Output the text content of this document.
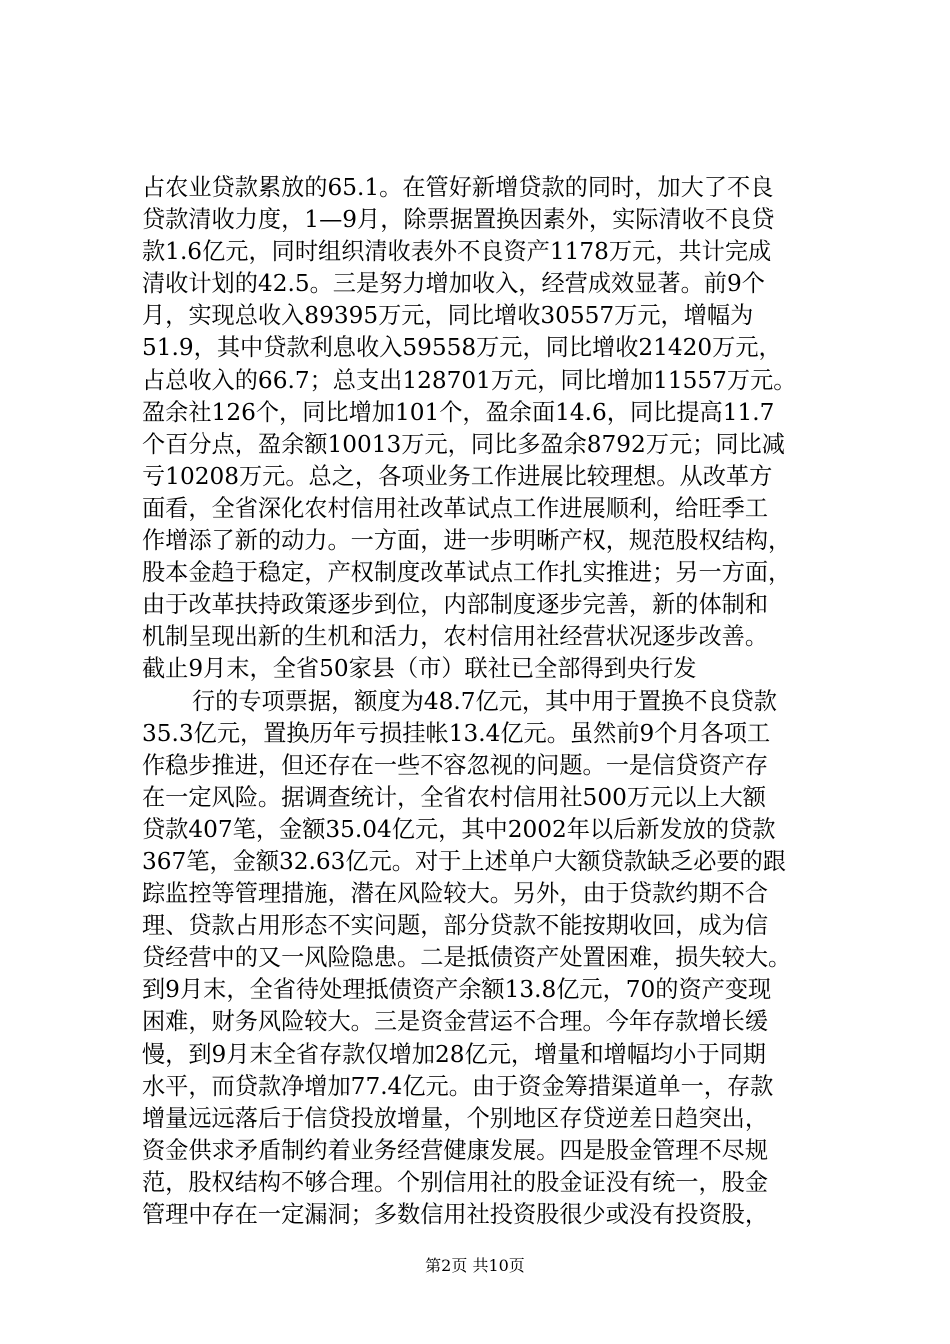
占农业贷款累放的65.1。在管好新增贷款的同时，加大了不良
贷款清收力度，1—9月，除票据置换因素外，实际清收不良贷
款1.6亿元，同时组织清收表外不良资产1178万元，共计完成
清收计划的42.5。三是努力增加收入，经营成效显著。前9个
月，实现总收入89395万元，同比增收30557万元，增幅为
51.9，其中贷款利息收入59558万元，同比增收21420万元，
占总收入的66.7；总支出128701万元，同比增加11557万元。
盈余社126个，同比增加101个，盈余面14.6，同比提高11.7
个百分点，盈余额10013万元，同比多盈余8792万元；同比减
亏10208万元。总之，各项业务工作进展比较理想。从改革方
面看，全省深化农村信用社改革试点工作进展顺利，给旺季工
作增添了新的动力。一方面，进一步明晰产权，规范股权结构，
股本金趋于稳定，产权制度改革试点工作扎实推进；另一方面，
由于改革扶持政策逐步到位，内部制度逐步完善，新的体制和
机制呈现出新的生机和活力，农村信用社经营状况逐步改善。
截止9月末，全省50家县（市）联社已全部得到央行发
行的专项票据，额度为48.7亿元，其中用于置换不良贷款
35.3亿元，置换历年亏损挂帐13.4亿元。虽然前9个月各项工
作稳步推进，但还存在一些不容忽视的问题。一是信贷资产存
在一定风险。据调查统计，全省农村信用社500万元以上大额
贷款407笔，金额35.04亿元，其中2002年以后新发放的贷款
367笔，金额32.63亿元。对于上述单户大额贷款缺乏必要的跟
踪监控等管理措施，潜在风险较大。另外，由于贷款约期不合
理、贷款占用形态不实问题，部分贷款不能按期收回，成为信
贷经营中的又一风险隐患。二是抵债资产处置困难，损失较大。
到9月末，全省待处理抵债资产余额13.8亿元，70的资产变现
困难，财务风险较大。三是资金营运不合理。今年存款增长缓
慢，到9月末全省存款仅增加28亿元，增量和增幅均小于同期
水平，而贷款净增加77.4亿元。由于资金筹措渠道单一，存款
增量远远落后于信贷投放增量，个别地区存贷逆差日趋突出，
资金供求矛盾制约着业务经营健康发展。四是股金管理不尽规
范，股权结构不够合理。个别信用社的股金证没有统一，股金
管理中存在一定漏洞；多数信用社投资股很少或没有投资股，
第2页 共10页
